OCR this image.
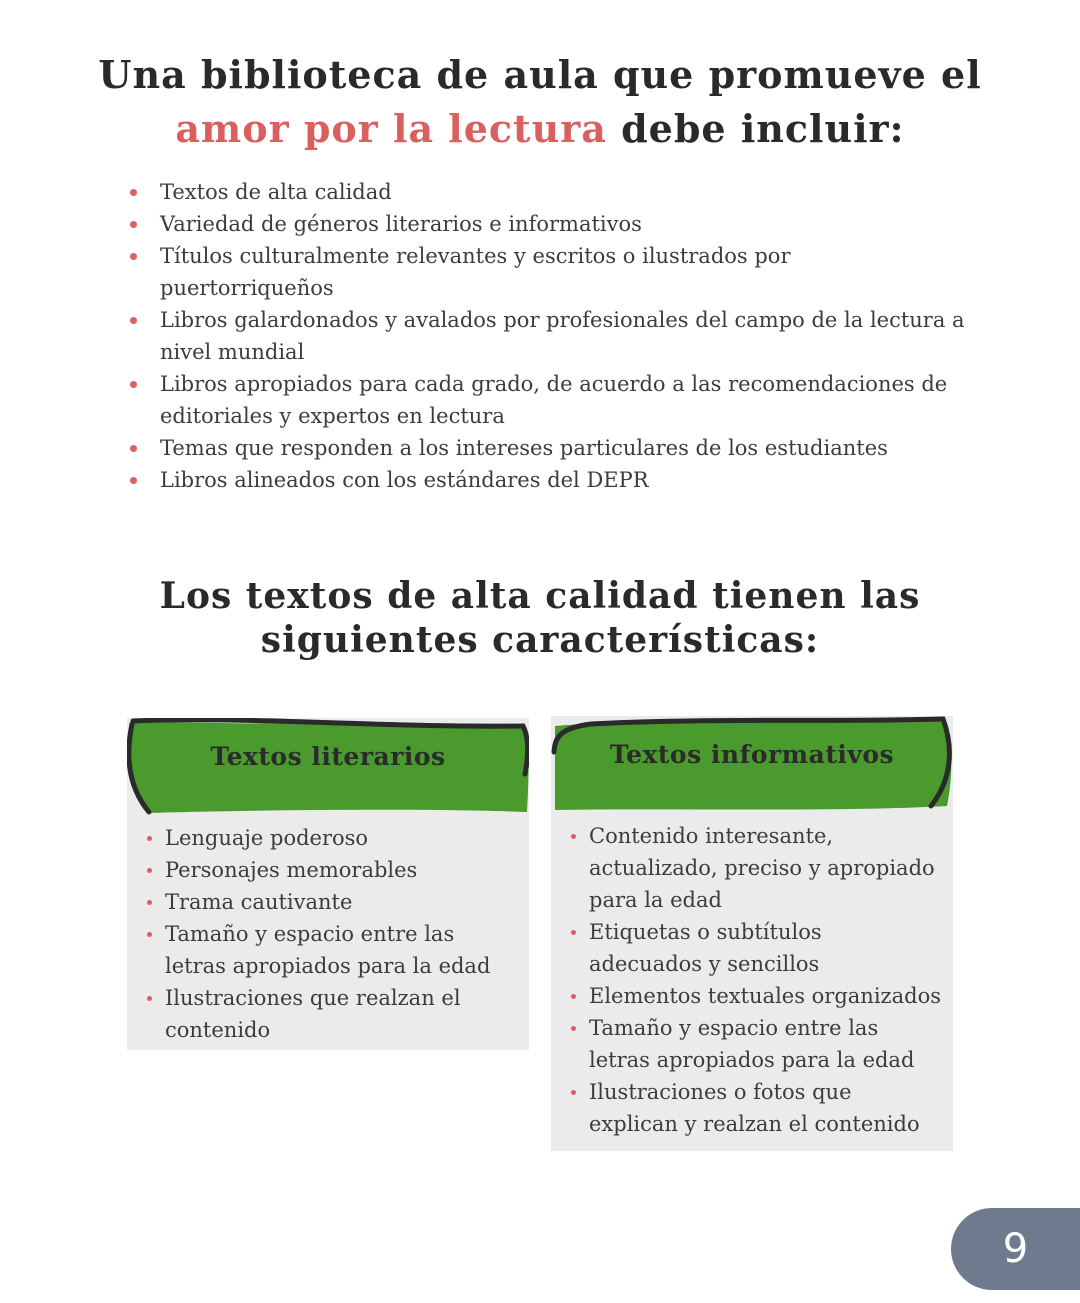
Una biblioteca de aula que promueve el
amor por la lectura debe incluir:
Textos de alta calidad
Variedad de géneros literarios e informativos
Títulos culturalmente relevantes y escritos o ilustrados por puertorriqueños
Libros galardonados y avalados por profesionales del campo de la lectura a nivel mundial
Libros apropiados para cada grado, de acuerdo a las recomendaciones de editoriales y expertos en lectura
Temas que responden a los intereses particulares de los estudiantes
Libros alineados con los estándares del DEPR
Los textos de alta calidad tienen las
siguientes características:
Textos literarios
Lenguaje poderoso
Personajes memorables
Trama cautivante
Tamaño y espacio entre las letras apropiados para la edad
Ilustraciones que realzan el contenido
Textos informativos
Contenido interesante, actualizado, preciso y apropiado para la edad
Etiquetas o subtítulos adecuados y sencillos
Elementos textuales organizados
Tamaño y espacio entre las letras apropiados para la edad
Ilustraciones o fotos que explican y realzan el contenido
9
